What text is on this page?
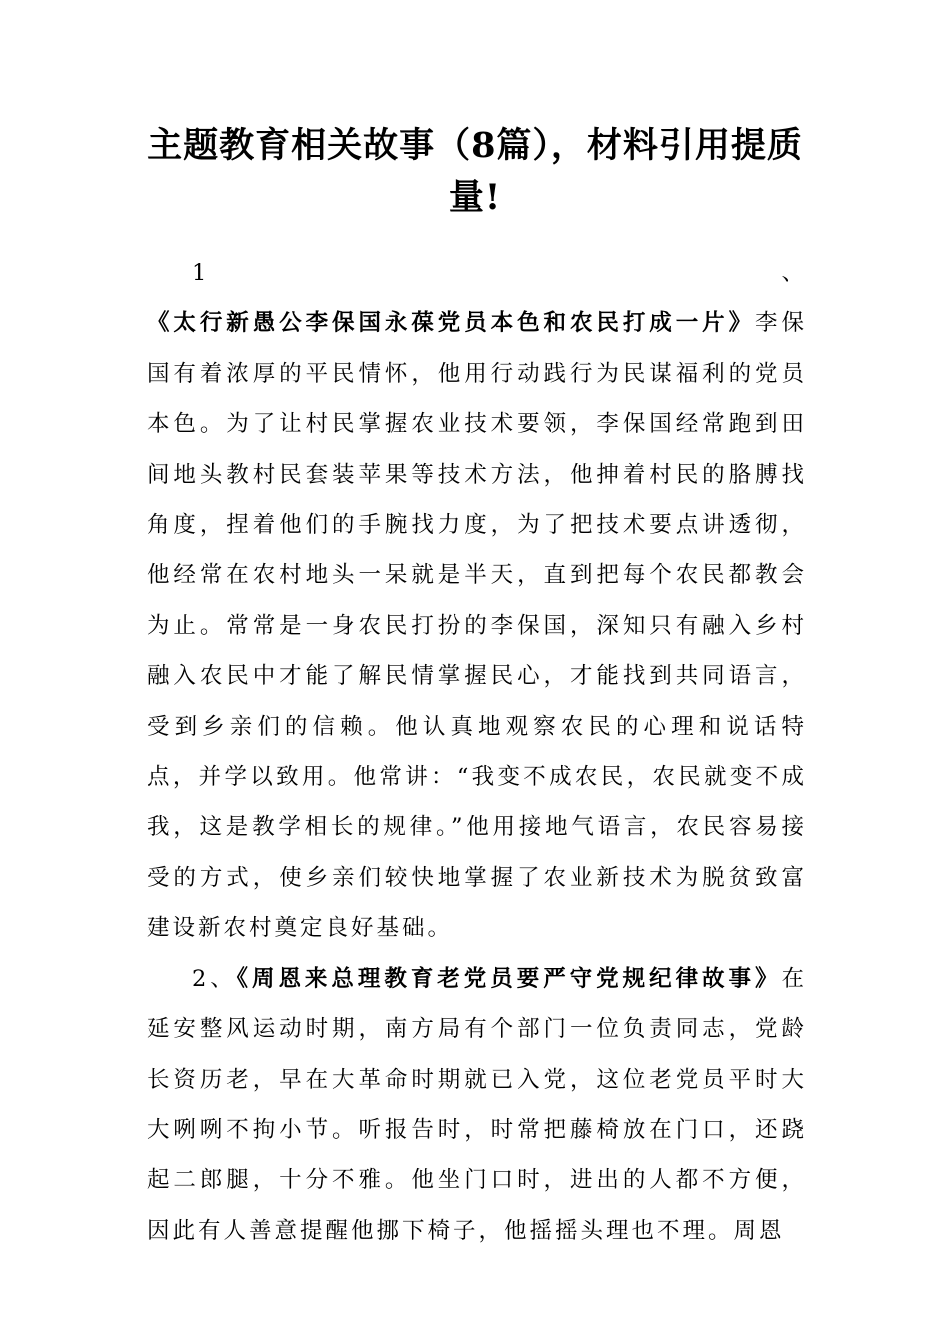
主题教育相关故事（8篇），材料引用提质量!

1、《太行新愚公李保国永葆党员本色和农民打成一片》李保国有着浓厚的平民情怀，他用行动践行为民谋福利的党员本色。为了让村民掌握农业技术要领，李保国经常跑到田间地头教村民套装苹果等技术方法，他抻着村民的胳膊找角度，捏着他们的手腕找力度，为了把技术要点讲透彻，他经常在农村地头一呆就是半天，直到把每个农民都教会为止。常常是一身农民打扮的李保国，深知只有融入乡村融入农民中才能了解民情掌握民心，才能找到共同语言，受到乡亲们的信赖。他认真地观察农民的心理和说话特点，并学以致用。他常讲：“我变不成农民，农民就变不成我，这是教学相长的规律。”他用接地气语言，农民容易接受的方式，使乡亲们较快地掌握了农业新技术为脱贫致富建设新农村奠定良好基础。

2、《周恩来总理教育老党员要严守党规纪律故事》在延安整风运动时期，南方局有个部门一位负责同志，党龄长资历老，早在大革命时期就已入党，这位老党员平时大大咧咧不拘小节。听报告时，时常把藤椅放在门口，还跷起二郎腿，十分不雅。他坐门口时，进出的人都不方便，因此有人善意提醒他挪下椅子，他摇摇头理也不理。周恩
